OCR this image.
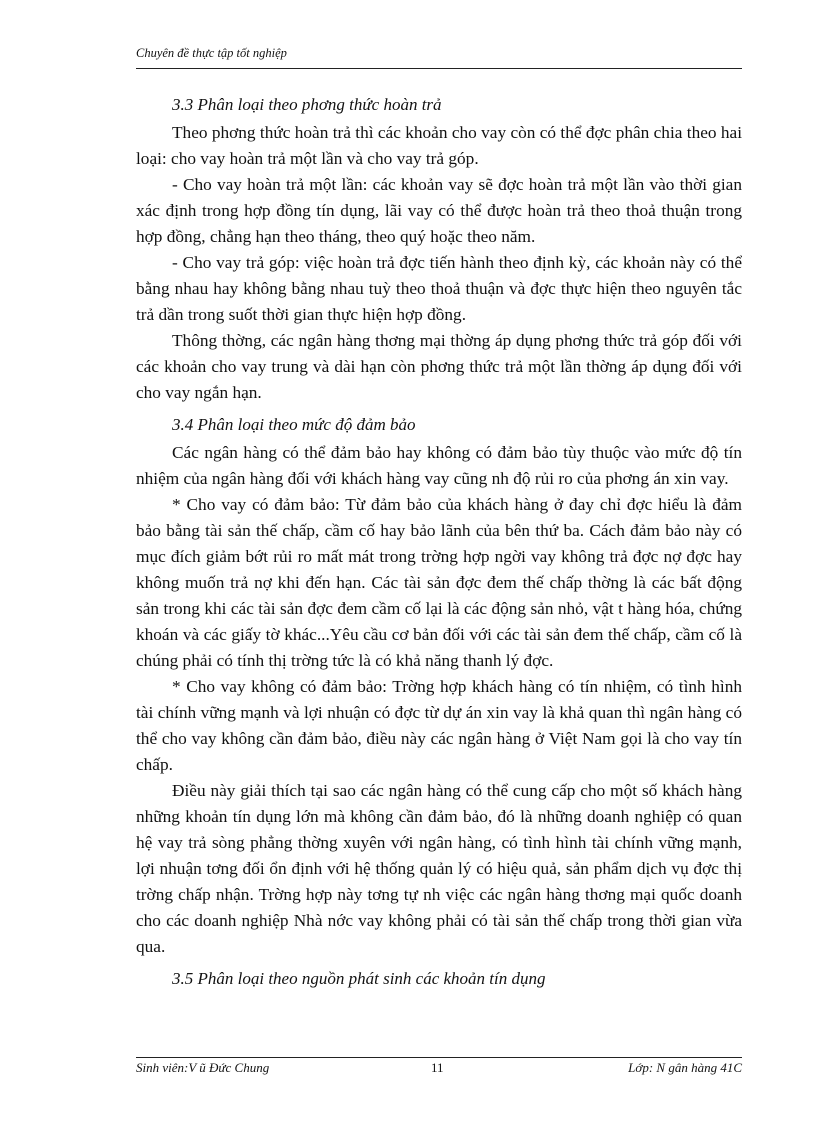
Chuyên đề thực tập tốt nghiệp

3.3 Phân loại theo phơng thức hoàn trả

Theo phơng thức hoàn trả thì các khoản cho vay còn có thể đợc phân chia theo hai loại: cho vay hoàn trả một lần và cho vay trả góp.

- Cho vay hoàn trả một lần: các khoản vay sẽ đợc hoàn trả một lần vào thời gian xác định trong hợp đồng tín dụng, lãi vay có thể được hoàn trả theo thoả thuận trong hợp đồng, chẳng hạn theo tháng, theo quý hoặc theo năm.

- Cho vay trả góp: việc hoàn trả đợc tiến hành theo định kỳ, các khoản này có thể bằng nhau hay không bằng nhau tuỳ theo thoả thuận và đợc thực hiện theo nguyên tắc trả dần trong suốt thời gian thực hiện hợp đồng.

Thông thờng, các ngân hàng thơng mại thờng áp dụng phơng thức trả góp đối với các khoản cho vay trung và dài hạn còn phơng thức trả một lần thờng áp dụng đối với cho vay ngắn hạn.

3.4 Phân loại theo mức độ đảm bảo

Các ngân hàng có thể đảm bảo hay không có đảm bảo tùy thuộc vào mức độ tín nhiệm của ngân hàng đối với khách hàng vay cũng nh độ rủi ro của phơng án xin vay.

* Cho vay có đảm bảo: Từ đảm bảo của khách hàng ở đay chỉ đợc hiểu là đảm bảo bằng tài sản thế chấp, cầm cố hay bảo lãnh của bên thứ ba. Cách đảm bảo này có mục đích giảm bớt rủi ro mất mát trong trờng hợp ngời vay không trả đợc nợ đợc hay không muốn trả nợ khi đến hạn. Các tài sản đợc đem thế chấp thờng là các bất động sản trong khi các tài sản đợc đem cầm cố lại là các động sản nhỏ, vật t hàng hóa, chứng khoán và các giấy tờ khác...Yêu cầu cơ bản đối với các tài sản đem thế chấp, cầm cố là chúng phải có tính thị trờng tức là có khả năng thanh lý đợc.

* Cho vay không có đảm bảo: Trờng hợp khách hàng có tín nhiệm, có tình hình tài chính vững mạnh và lợi nhuận có đợc từ dự án xin vay là khả quan thì ngân hàng có thể cho vay không cần đảm bảo, điều này các ngân hàng ở Việt Nam gọi là cho vay tín chấp.

Điều này giải thích tại sao các ngân hàng có thể cung cấp cho một số khách hàng những khoản tín dụng lớn mà không cần đảm bảo, đó là những doanh nghiệp có quan hệ vay trả sòng phẳng thờng xuyên với ngân hàng, có tình hình tài chính vững mạnh, lợi nhuận tơng đối ổn định với hệ thống quản lý có hiệu quả, sản phẩm dịch vụ đợc thị trờng chấp nhận. Trờng hợp này tơng tự nh việc các ngân hàng thơng mại quốc doanh cho các doanh nghiệp Nhà nớc vay không phải có tài sản thế chấp trong thời gian vừa qua.

3.5 Phân loại theo nguồn phát sinh các khoản tín dụng

Sinh viên:V ũ Đức Chung	11	Lớp: N gân hàng 41C
